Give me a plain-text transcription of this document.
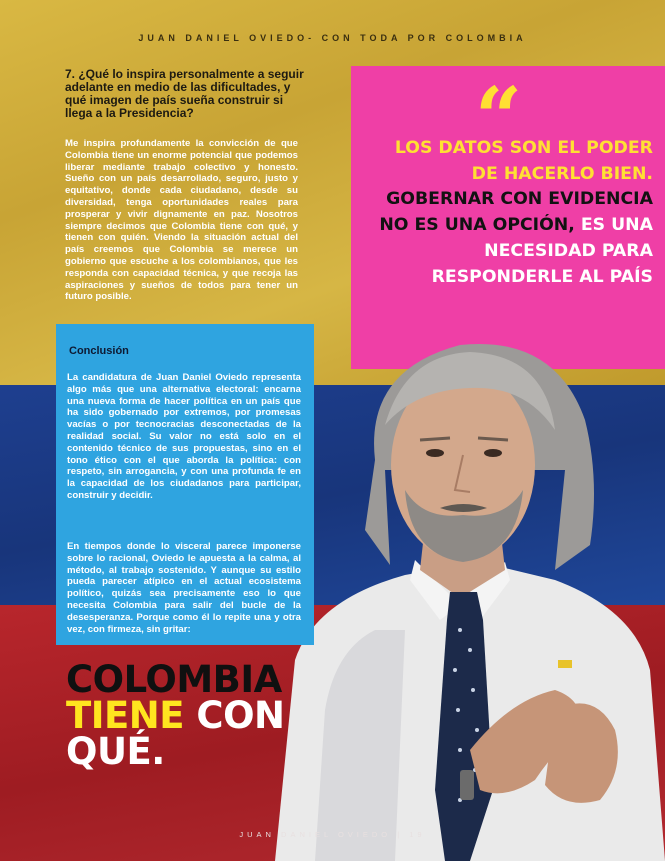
JUAN DANIEL OVIEDO- CON TODA POR COLOMBIA
7. ¿Qué lo inspira personalmente a seguir adelante en medio de las dificultades, y qué imagen de país sueña construir si llega a la Presidencia?
Me inspira profundamente la convicción de que Colombia tiene un enorme potencial que podemos liberar mediante trabajo colectivo y honesto. Sueño con un país desarrollado, seguro, justo y equitativo, donde cada ciudadano, desde su diversidad, tenga oportunidades reales para prosperar y vivir dignamente en paz. Nosotros siempre decimos que Colombia tiene con qué, y tienen con quién. Viendo la situación actual del país creemos que Colombia se merece un gobierno que escuche a los colombianos, que les responda con capacidad técnica, y que recoja las aspiraciones y sueños de todos para tener un futuro posible.
“
LOS DATOS SON EL PODER DE HACERLO BIEN. GOBERNAR CON EVIDENCIA NO ES UNA OPCIÓN, ES UNA NECESIDAD PARA RESPONDERLE AL PAÍS
Conclusión
La candidatura de Juan Daniel Oviedo representa algo más que una alternativa electoral: encarna una nueva forma de hacer política en un país que ha sido gobernado por extremos, por promesas vacías o por tecnocracias desconectadas de la realidad social. Su valor no está solo en el contenido técnico de sus propuestas, sino en el tono ético con el que aborda la política: con respeto, sin arrogancia, y con una profunda fe en la capacidad de los ciudadanos para participar, construir y decidir.
En tiempos donde lo visceral parece imponerse sobre lo racional, Oviedo le apuesta a la calma, al método, al trabajo sostenido. Y aunque su estilo pueda parecer atípico en el actual ecosistema político, quizás sea precisamente eso lo que necesita Colombia para salir del bucle de la desesperanza. Porque como él lo repite una y otra vez, con firmeza, sin gritar:
COLOMBIA
TIENE CON
QUÉ.
JUAN DANIEL OVIEDO | 19
